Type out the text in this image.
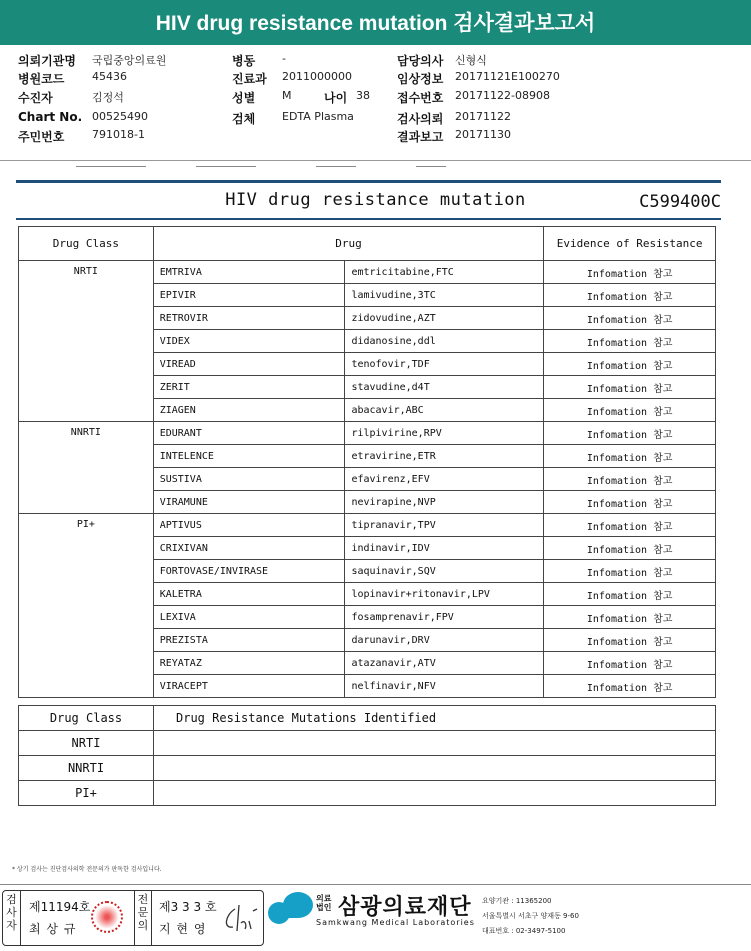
HIV drug resistance mutation 검사결과보고서
의뢰기관명 국립중앙의료원
병원코드	45436
수진자	김정석
Chart No. 00525490
주민번호	791018-1
병동 -
진료과 2011000000
성별 M
검체 EDTA Plasma
나이 38
담당의사 신형식
임상정보 20171121E100270
접수번호 20171122-08908
검사의뢰 20171122
결과보고 20171130
HIV drug resistance mutation	C599400C
Drug Class	Drug		Evidence of Resistance
NRTI	EMTRIVA	emtricitabine,FTC	Infomation 참고
	EPIVIR	lamivudine,3TC	Infomation 참고
	RETROVIR	zidovudine,AZT	Infomation 참고
	VIDEX	didanosine,ddl	Infomation 참고
	VIREAD	tenofovir,TDF	Infomation 참고
	ZERIT	stavudine,d4T	Infomation 참고
	ZIAGEN	abacavir,ABC	Infomation 참고
NNRTI	EDURANT	rilpivirine,RPV	Infomation 참고
	INTELENCE	etravirine,ETR	Infomation 참고
	SUSTIVA	efavirenz,EFV	Infomation 참고
	VIRAMUNE	nevirapine,NVP	Infomation 참고
PI+	APTIVUS	tipranavir,TPV	Infomation 참고
	CRIXIVAN	indinavir,IDV	Infomation 참고
	FORTOVASE/INVIRASE	saquinavir,SQV	Infomation 참고
	KALETRA	lopinavir+ritonavir,LPV	Infomation 참고
	LEXIVA	fosamprenavir,FPV	Infomation 참고
	PREZISTA	darunavir,DRV	Infomation 참고
	REYATAZ	atazanavir,ATV	Infomation 참고
	VIRACEPT	nelfinavir,NFV	Infomation 참고
Drug Class	Drug Resistance Mutations Identified
NRTI	
NNRTI	
PI+	
* 상기 검사는 진단검사의학 전문의가 판독한 검사입니다.
검사자
제11194호
최 상 규
전문의
제3 3 3 호
지 현 영	SML
의료법인 삼광의료재단
Samkwang Medical Laboratories
요양기관 : 11365200
서울특별시 서초구 양재동 9-60
대표번호 : 02-3497-5100
